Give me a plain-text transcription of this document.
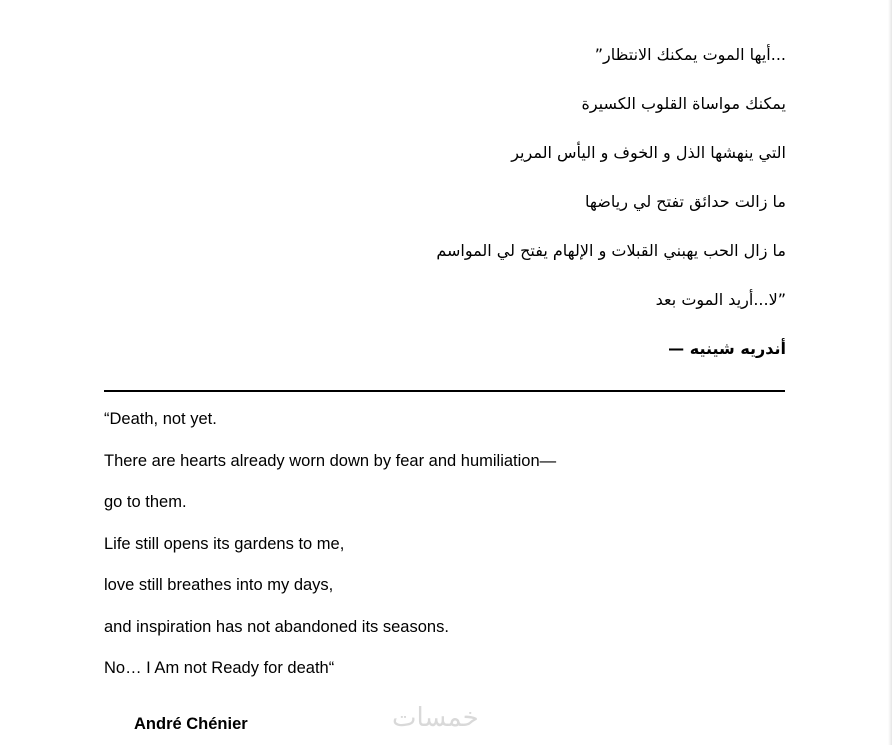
...أيها الموت يمكنك الانتظار”
يمكنك مواساة القلوب الكسيرة
التي ينهشها الذل و الخوف و اليأس المرير
ما زالت حدائق تفتح لي رياضها
ما زال الحب يهبني القبلات و الإلهام يفتح لي المواسم
”لا...أريد الموت بعد
أندريه شينيه —
“Death, not yet.
There are hearts already worn down by fear and humiliation—
go to them.
Life still opens its gardens to me,
love still breathes into my days,
and inspiration has not abandoned its seasons.
No… I Am not Ready for death“
André Chénier	خمسات
